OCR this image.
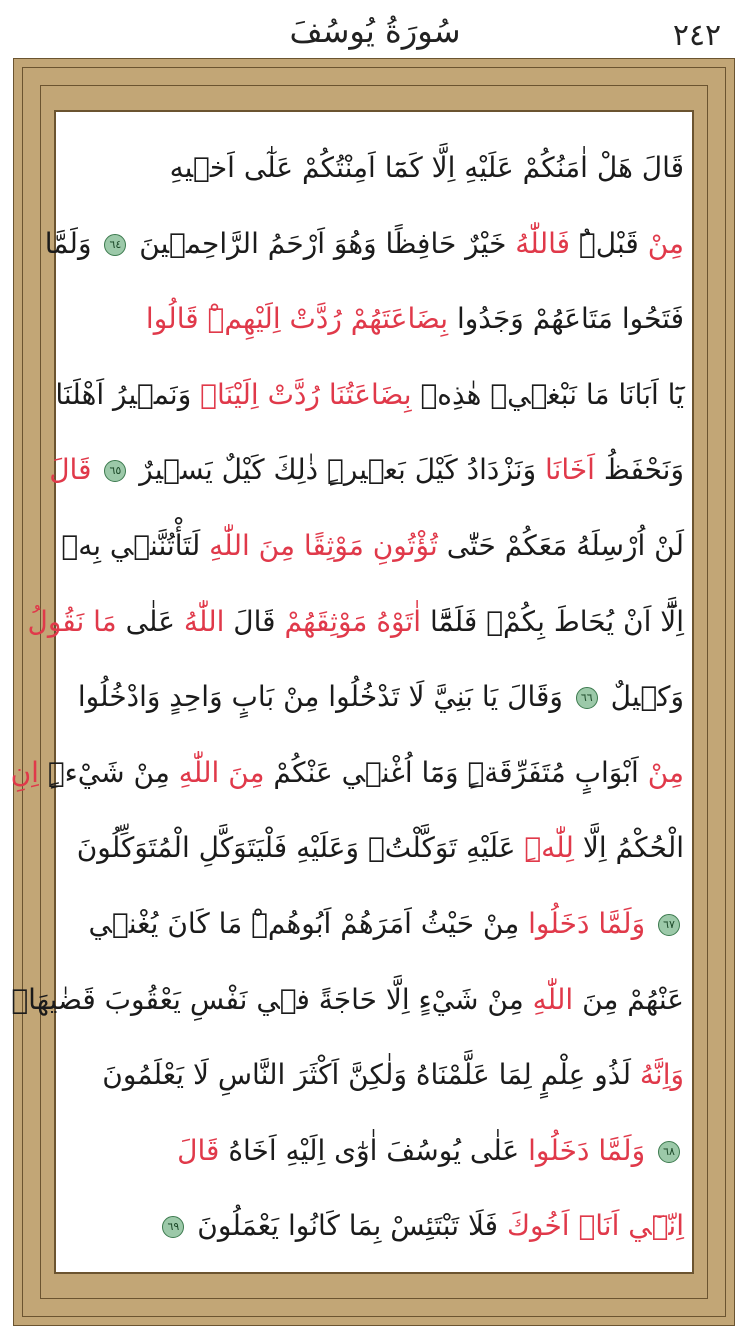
٢٤٢
سُورَةُ يُوسُفَ
قَالَ هَلْ اٰمَنُكُمْ عَلَيْهِ اِلَّا كَمَٓا اَمِنْتُكُمْ عَلٰٓى اَخ۪يهِ
مِنْ قَبْلُۜ فَاللّٰهُ خَيْرٌ حَافِظًا وَهُوَ اَرْحَمُ الرَّاحِم۪ينَ ٦٤ وَلَمَّا
فَتَحُوا مَتَاعَهُمْ وَجَدُوا بِضَاعَتَهُمْ رُدَّتْ اِلَيْهِمْۜ قَالُوا
يَٓا اَبَانَا مَا نَبْغ۪يۜ هٰذِه۪ بِضَاعَتُنَا رُدَّتْ اِلَيْنَاۚ وَنَم۪يرُ اَهْلَنَا
وَنَحْفَظُ اَخَانَا وَنَزْدَادُ كَيْلَ بَع۪يرٍۜ ذٰلِكَ كَيْلٌ يَس۪يرٌ ٦٥ قَالَ
لَنْ اُرْسِلَهُ مَعَكُمْ حَتّٰى تُؤْتُونِ مَوْثِقًا مِنَ اللّٰهِ لَتَأْتُنَّن۪ي بِه۪
اِلَّٓا اَنْ يُحَاطَ بِكُمْۚ فَلَمَّٓا اٰتَوْهُ مَوْثِقَهُمْ قَالَ اللّٰهُ عَلٰى مَا نَقُولُ
وَك۪يلٌ ٦٦ وَقَالَ يَا بَنِيَّ لَا تَدْخُلُوا مِنْ بَابٍ وَاحِدٍ وَادْخُلُوا
مِنْ اَبْوَابٍ مُتَفَرِّقَةٍۜ وَمَٓا اُغْن۪ي عَنْكُمْ مِنَ اللّٰهِ مِنْ شَيْءٍۜ اِنِ
الْحُكْمُ اِلَّا لِلّٰهِۜ عَلَيْهِ تَوَكَّلْتُۚ وَعَلَيْهِ فَلْيَتَوَكَّلِ الْمُتَوَكِّلُونَ
٦٧ وَلَمَّا دَخَلُوا مِنْ حَيْثُ اَمَرَهُمْ اَبُوهُمْۜ مَا كَانَ يُغْن۪ي
عَنْهُمْ مِنَ اللّٰهِ مِنْ شَيْءٍ اِلَّا حَاجَةً ف۪ي نَفْسِ يَعْقُوبَ قَضٰيهَاۜ
وَاِنَّهُ لَذُو عِلْمٍ لِمَا عَلَّمْنَاهُ وَلٰكِنَّ اَكْثَرَ النَّاسِ لَا يَعْلَمُونَ
٦٨ وَلَمَّا دَخَلُوا عَلٰى يُوسُفَ اٰوٰٓى اِلَيْهِ اَخَاهُ قَالَ
اِنّ۪ٓي اَنَا۬ اَخُوكَ فَلَا تَبْتَئِسْ بِمَا كَانُوا يَعْمَلُونَ ٦٩
